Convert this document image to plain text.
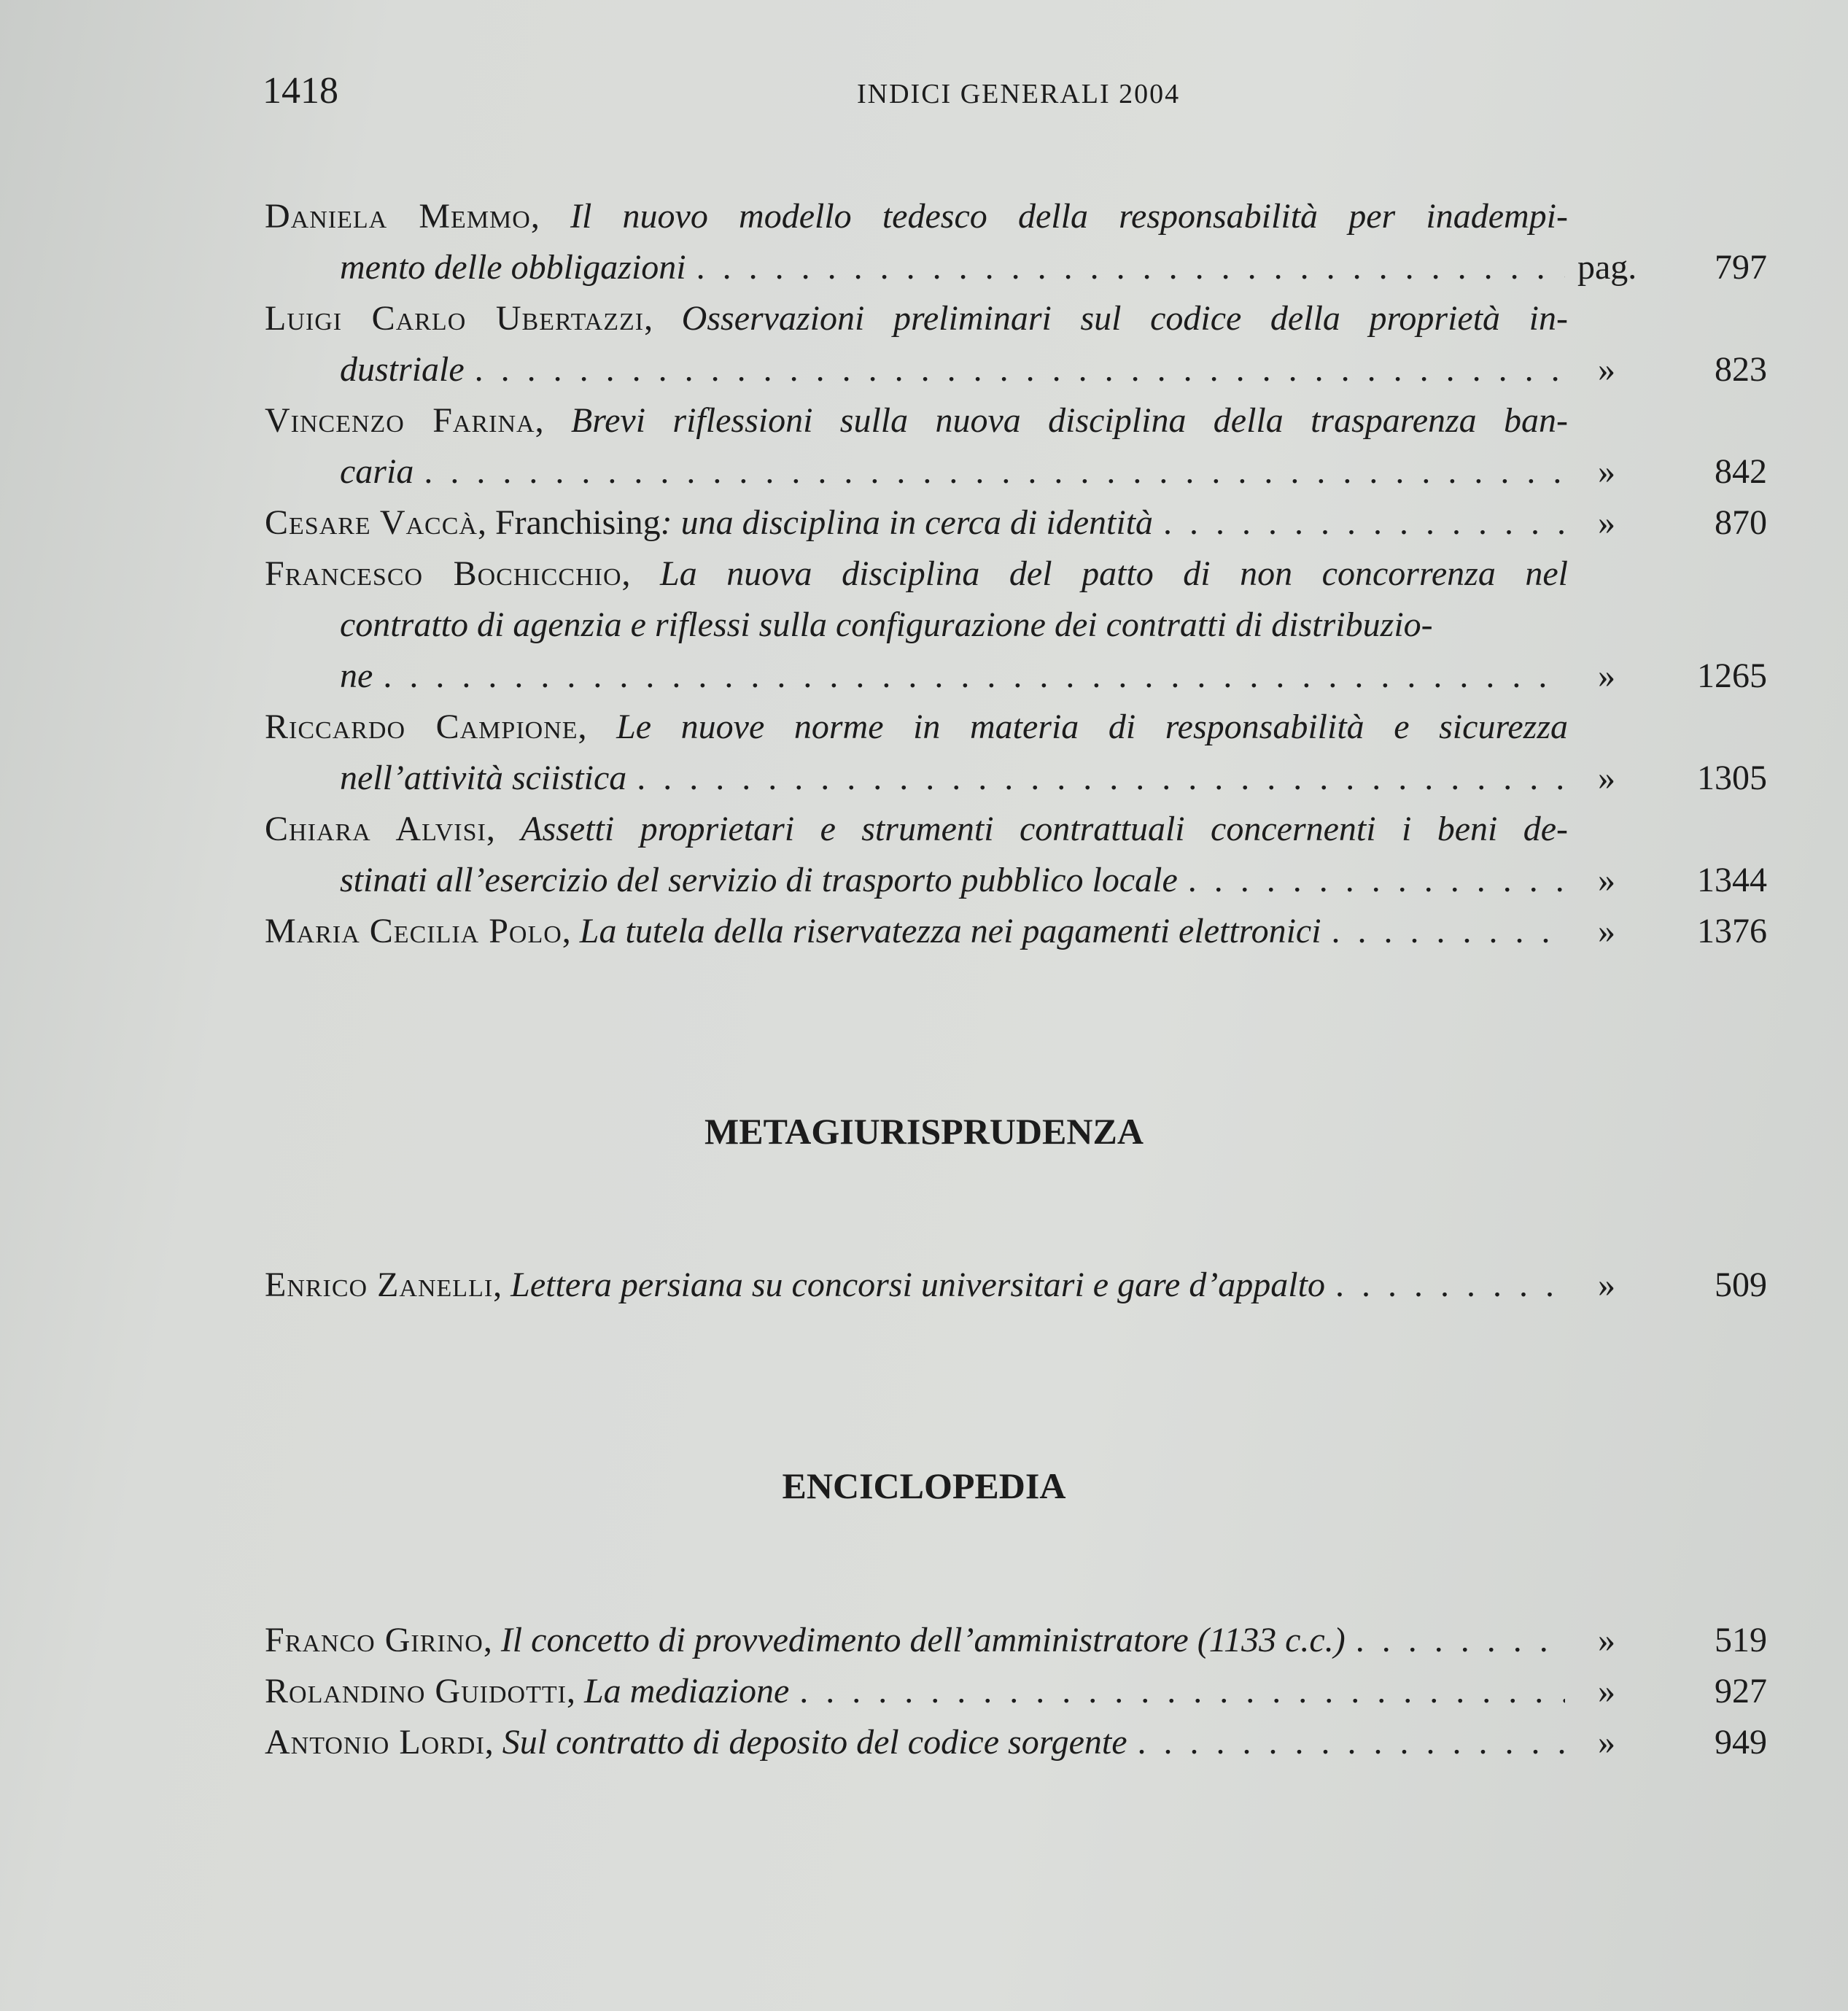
1418	INDICI GENERALI 2004
Daniela Memmo, Il nuovo modello tedesco della responsabilità per inadempi-
mento delle obbligazioni . . .	pag.	797
Luigi Carlo Ubertazzi, Osservazioni preliminari sul codice della proprietà in-
dustriale . . .	»	823
Vincenzo Farina, Brevi riflessioni sulla nuova disciplina della trasparenza ban-
caria . . .	»	842
Cesare Vaccà ,
Franchising : una disciplina in cerca di identità . . .	»	870
Francesco Bochicchio, La nuova disciplina del patto di non concorrenza nel
contratto di agenzia e riflessi sulla configurazione dei contratti di distribuzio-
ne . . .	»	1265
Riccardo Campione, Le nuove norme in materia di responsabilità e sicurezza
nell’attività sciistica . . .	»	1305
Chiara Alvisi, Assetti proprietari e strumenti contrattuali concernenti i beni de-
stinati all’esercizio del servizio di trasporto pubblico locale . . .	»	1344
Maria Cecilia Polo ,
La tutela della riservatezza nei pagamenti elettronici . . .	»	1376
METAGIURISPRUDENZA
Enrico Zanelli ,
Lettera persiana su concorsi universitari e gare d’appalto . . .	»	509
ENCICLOPEDIA
Franco Girino ,
Il concetto di provvedimento dell’amministratore (1133 c.c.) . . .	»	519
Rolandino Guidotti ,
La mediazione . . .	»	927
Antonio Lordi ,
Sul contratto di deposito del codice sorgente . . .	»	949
